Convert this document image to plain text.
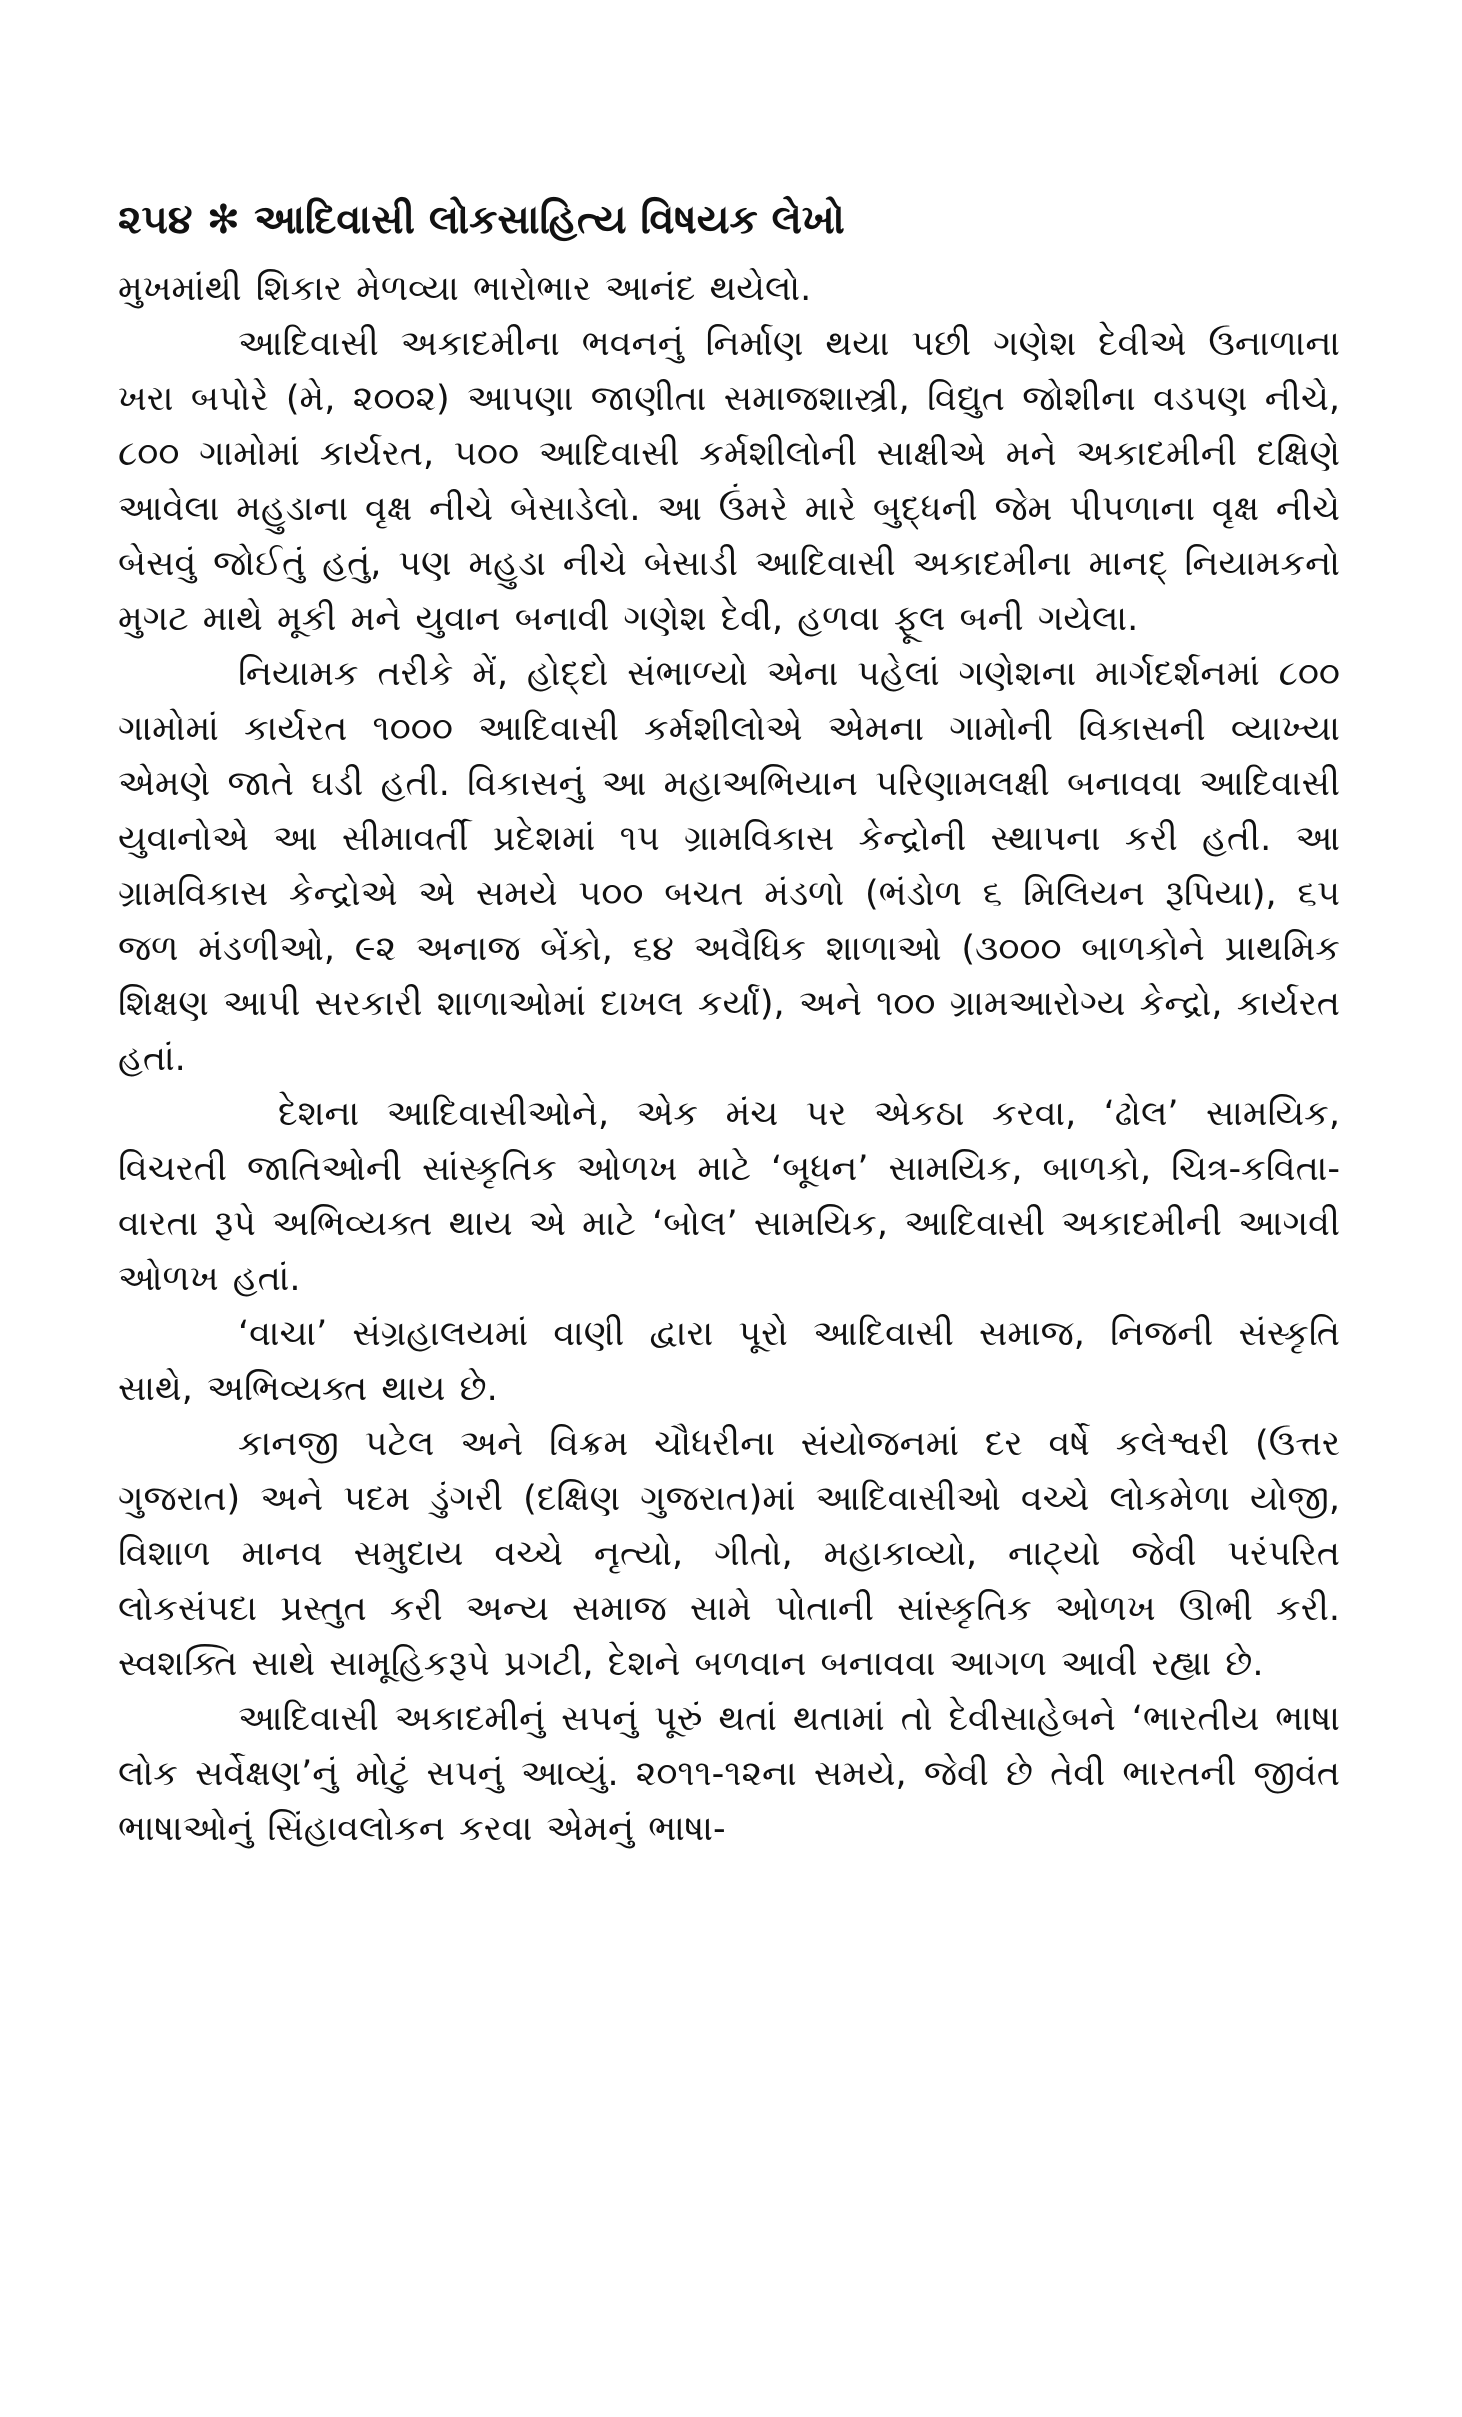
૨૫૪ ✻ આદિવાસી લોકસાહિત્ય વિષયક લેખો

મુખમાંથી શિકાર મેળવ્યા ભારોભાર આનંદ થયેલો.

આદિવાસી અકાદમીના ભવનનું નિર્માણ થયા પછી ગણેશ દેવીએ ઉનાળાના ખરા બપોરે (મે, ૨૦૦૨) આપણા જાણીતા સમાજશાસ્ત્રી, વિદ્યુત જોશીના વડપણ નીચે, ૮૦૦ ગામોમાં કાર્યરત, ૫૦૦ આદિવાસી કર્મશીલોની સાક્ષીએ મને અકાદમીની દક્ષિણે આવેલા મહુડાના વૃક્ષ નીચે બેસાડેલો. આ ઉંમરે મારે બુદ્ધની જેમ પીપળાના વૃક્ષ નીચે બેસવું જોઈતું હતું, પણ મહુડા નીચે બેસાડી આદિવાસી અકાદમીના માનદ્ નિયામકનો મુગટ માથે મૂકી મને યુવાન બનાવી ગણેશ દેવી, હળવા ફૂલ બની ગયેલા.

નિયામક તરીકે મેં, હોદ્દો સંભાળ્યો એના પહેલાં ગણેશના માર્ગદર્શનમાં ૮૦૦ ગામોમાં કાર્યરત ૧૦૦૦ આદિવાસી કર્મશીલોએ એમના ગામોની વિકાસની વ્યાખ્યા એમણે જાતે ઘડી હતી. વિકાસનું આ મહાઅભિયાન પરિણામલક્ષી બનાવવા આદિવાસી યુવાનોએ આ સીમાવર્તી પ્રદેશમાં ૧૫ ગ્રામવિકાસ કેન્દ્રોની સ્થાપના કરી હતી. આ ગ્રામવિકાસ કેન્દ્રોએ એ સમયે ૫૦૦ બચત મંડળો (ભંડોળ ૬ મિલિયન રૂપિયા), ૬૫ જળ મંડળીઓ, ૯૨ અનાજ બેંકો, ૬૪ અવૈધિક શાળાઓ (૩૦૦૦ બાળકોને પ્રાથમિક શિક્ષણ આપી સરકારી શાળાઓમાં દાખલ કર્યાં), અને ૧૦૦ ગ્રામઆરોગ્ય કેન્દ્રો, કાર્યરત હતાં.

દેશના આદિવાસીઓને, એક મંચ પર એકઠા કરવા, ‘ઢોલ’ સામયિક, વિચરતી જાતિઓની સાંસ્કૃતિક ઓળખ માટે ‘બૂધન’ સામયિક, બાળકો, ચિત્ર-કવિતા-વારતા રૂપે અભિવ્યક્ત થાય એ માટે ‘બોલ’ સામયિક, આદિવાસી અકાદમીની આગવી ઓળખ હતાં.

‘વાચા’ સંગ્રહાલયમાં વાણી દ્વારા પૂરો આદિવાસી સમાજ, નિજની સંસ્કૃતિ સાથે, અભિવ્યક્ત થાય છે.

કાનજી પટેલ અને વિક્રમ ચૌધરીના સંયોજનમાં દર વર્ષે કલેશ્વરી (ઉત્તર ગુજરાત) અને પદમ ડુંગરી (દક્ષિણ ગુજરાત)માં આદિવાસીઓ વચ્ચે લોકમેળા યોજી, વિશાળ માનવ સમુદાય વચ્ચે નૃત્યો, ગીતો, મહાકાવ્યો, નાટ્યો જેવી પરંપરિત લોકસંપદા પ્રસ્તુત કરી અન્ય સમાજ સામે પોતાની સાંસ્કૃતિક ઓળખ ઊભી કરી. સ્વશક્તિ સાથે સામૂહિકરૂપે પ્રગટી, દેશને બળવાન બનાવવા આગળ આવી રહ્યા છે.

આદિવાસી અકાદમીનું સપનું પૂરું થતાં થતામાં તો દેવીસાહેબને ‘ભારતીય ભાષા લોક સર્વેક્ષણ’નું મોટું સપનું આવ્યું. ૨૦૧૧-૧૨ના સમયે, જેવી છે તેવી ભારતની જીવંત ભાષાઓનું સિંહાવલોકન કરવા એમનું ભાષા-
